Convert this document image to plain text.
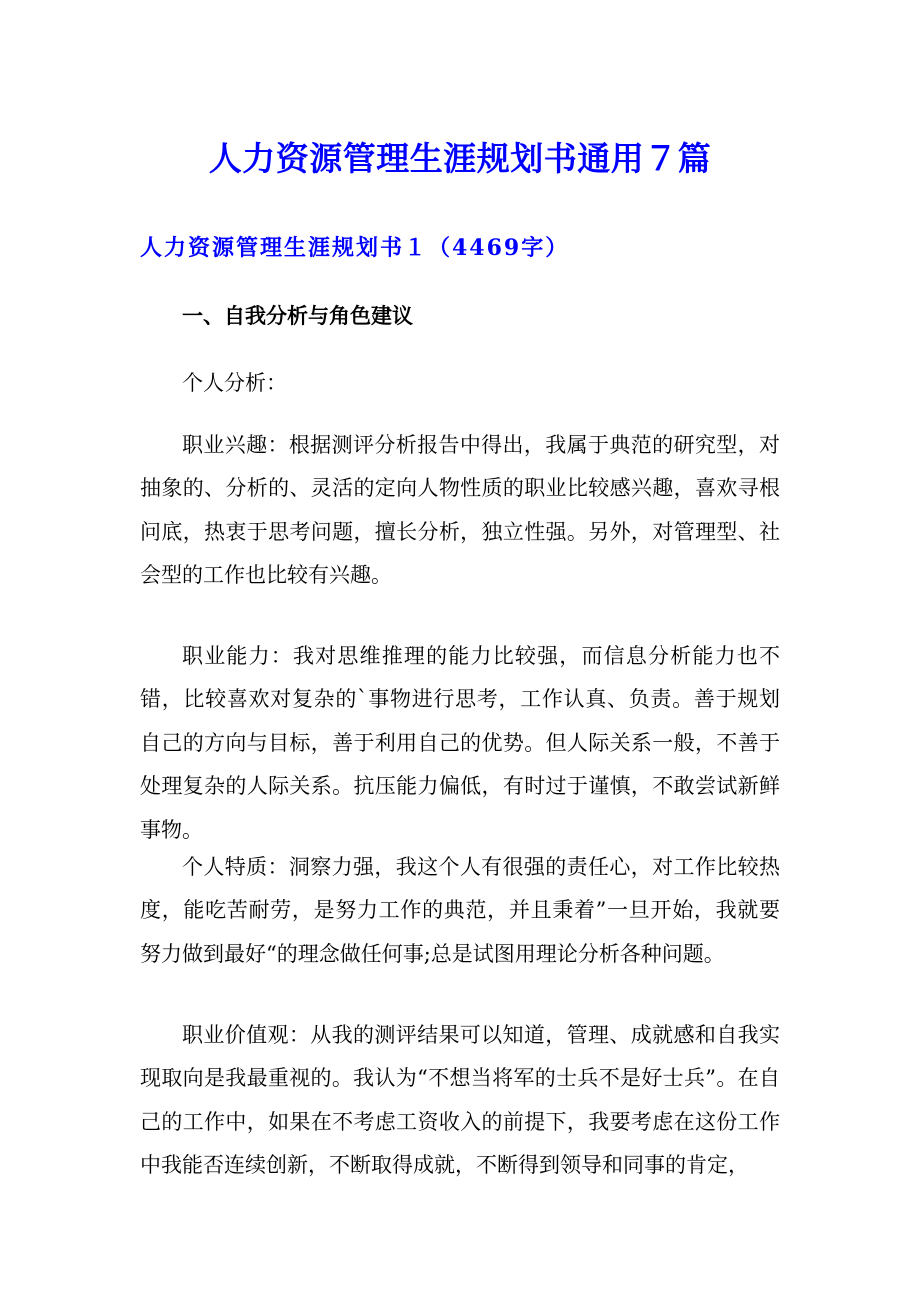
人力资源管理生涯规划书通用７篇
人力资源管理生涯规划书１（4469字）
一、自我分析与角色建议

个人分析：

职业兴趣：根据测评分析报告中得出，我属于典范的研究型，对抽象的、分析的、灵活的定向人物性质的职业比较感兴趣，喜欢寻根问底，热衷于思考问题，擅长分析，独立性强。另外，对管理型、社会型的工作也比较有兴趣。

职业能力：我对思维推理的能力比较强，而信息分析能力也不错，比较喜欢对复杂的`事物进行思考，工作认真、负责。善于规划自己的方向与目标，善于利用自己的优势。但人际关系一般，不善于处理复杂的人际关系。抗压能力偏低，有时过于谨慎，不敢尝试新鲜事物。

个人特质：洞察力强，我这个人有很强的责任心，对工作比较热度，能吃苦耐劳，是努力工作的典范，并且秉着”一旦开始，我就要努力做到最好“的理念做任何事;总是试图用理论分析各种问题。

职业价值观：从我的测评结果可以知道，管理、成就感和自我实现取向是我最重视的。我认为“不想当将军的士兵不是好士兵”。在自己的工作中，如果在不考虑工资收入的前提下，我要考虑在这份工作中我能否连续创新，不断取得成就，不断得到领导和同事的肯定，
